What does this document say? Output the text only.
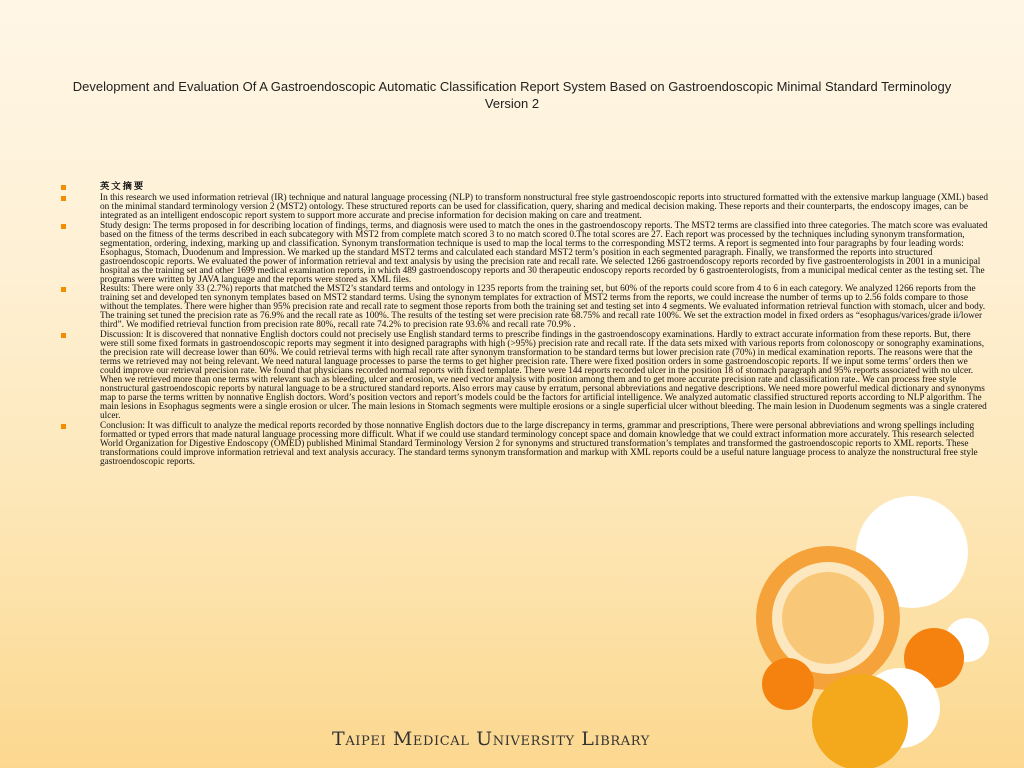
Development and Evaluation Of A Gastroendoscopic Automatic Classification Report System Based on Gastroendoscopic Minimal Standard Terminology Version 2
英文摘要
In this research we used information retrieval (IR) technique and natural language processing (NLP) to transform nonstructural free style gastroendoscopic reports into structured formatted with the extensive markup language (XML) based on the minimal standard terminology version 2 (MST2) ontology. These structured reports can be used for classification, query, sharing and medical decision making. These reports and their counterparts, the endoscopy images, can be integrated as an intelligent endoscopic report system to support more accurate and precise information for decision making on care and treatment.
Study design: The terms proposed in for describing location of findings, terms, and diagnosis were used to match the ones in the gastroendoscopy reports. The MST2 terms are classified into three categories. The match score was evaluated based on the fitness of the terms described in each subcategory with MST2 from complete match scored 3 to no match scored 0.The total scores are 27. Each report was processed by the techniques including synonym transformation, segmentation, ordering, indexing, marking up and classification. Synonym transformation technique is used to map the local terms to the corresponding MST2 terms. A report is segmented into four paragraphs by four leading words: Esophagus, Stomach, Duodenum and Impression. We marked up the standard MST2 terms and calculated each standard MST2 term’s position in each segmented paragraph. Finally, we transformed the reports into structured gastroendoscopic reports. We evaluated the power of information retrieval and text analysis by using the precision rate and recall rate. We selected 1266 gastroendoscopy reports recorded by five gastroenterologists in 2001 in a municipal hospital as the training set and other 1699 medical examination reports, in which 489 gastroendoscopy reports and 30 therapeutic endoscopy reports recorded by 6 gastroenterologists, from a municipal medical center as the testing set. The programs were written by JAVA language and the reports were stored as XML files.
Results: There were only 33 (2.7%) reports that matched the MST2’s standard terms and ontology in 1235 reports from the training set, but 60% of the reports could score from 4 to 6 in each category. We analyzed 1266 reports from the training set and developed ten synonym templates based on MST2 standard terms. Using the synonym templates for extraction of MST2 terms from the reports, we could increase the number of terms up to 2.56 folds compare to those without the templates. There were higher than 95% precision rate and recall rate to segment those reports from both the training set and testing set into 4 segments. We evaluated information retrieval function with stomach, ulcer and body. The training set tuned the precision rate as 76.9% and the recall rate as 100%. The results of the testing set were precision rate 68.75% and recall rate 100%. We set the extraction model in fixed orders as “esophagus/varices/grade ii/lower third”. We modified retrieval function from precision rate 80%, recall rate 74.2% to precision rate 93.6% and recall rate 70.9% .
Discussion: It is discovered that nonnative English doctors could not precisely use English standard terms to prescribe findings in the gastroendoscopy examinations. Hardly to extract accurate information from these reports. But, there were still some fixed formats in gastroendoscopic reports may segment it into designed paragraphs with high (>95%) precision rate and recall rate. If the data sets mixed with various reports from colonoscopy or sonography examinations, the precision rate will decrease lower than 60%. We could retrieval terms with high recall rate after synonym transformation to be standard terms but lower precision rate (70%) in medical examination reports. The reasons were that the terms we retrieved may not being relevant. We need natural language processes to parse the terms to get higher precision rate. There were fixed position orders in some gastroendoscopic reports. If we input some terms’ orders then we could improve our retrieval precision rate. We found that physicians recorded normal reports with fixed template. There were 144 reports recorded ulcer in the position 18 of stomach paragraph and 95% reports associated with no ulcer. When we retrieved more than one terms with relevant such as bleeding, ulcer and erosion, we need vector analysis with position among them and to get more accurate precision rate and classification rate.. We can process free style nonstructural gastroendoscopic reports by natural language to be a structured standard reports. Also errors may cause by erratum, personal abbreviations and negative descriptions. We need more powerful medical dictionary and synonyms map to parse the terms written by nonnative English doctors. Word’s position vectors and report’s models could be the factors for artificial intelligence. We analyzed automatic classified structured reports according to NLP algorithm. The main lesions in Esophagus segments were a single erosion or ulcer. The main lesions in Stomach segments were multiple erosions or a single superficial ulcer without bleeding. The main lesion in Duodenum segments was a single cratered ulcer.
Conclusion: It was difficult to analyze the medical reports recorded by those nonnative English doctors due to the large discrepancy in terms, grammar and prescriptions, There were personal abbreviations and wrong spellings including formatted or typed errors that made natural language processing more difficult. What if we could use standard terminology concept space and domain knowledge that we could extract information more accurately. This research selected World Organization for Digestive Endoscopy (OMED) published Minimal Standard Terminology Version 2 for synonyms and structured transformation’s templates and transformed the gastroendoscopic reports to XML reports. These transformations could improve information retrieval and text analysis accuracy. The standard terms synonym transformation and markup with XML reports could be a useful nature language process to analyze the nonstructural free style gastroendoscopic reports.
Taipei Medical University Library
